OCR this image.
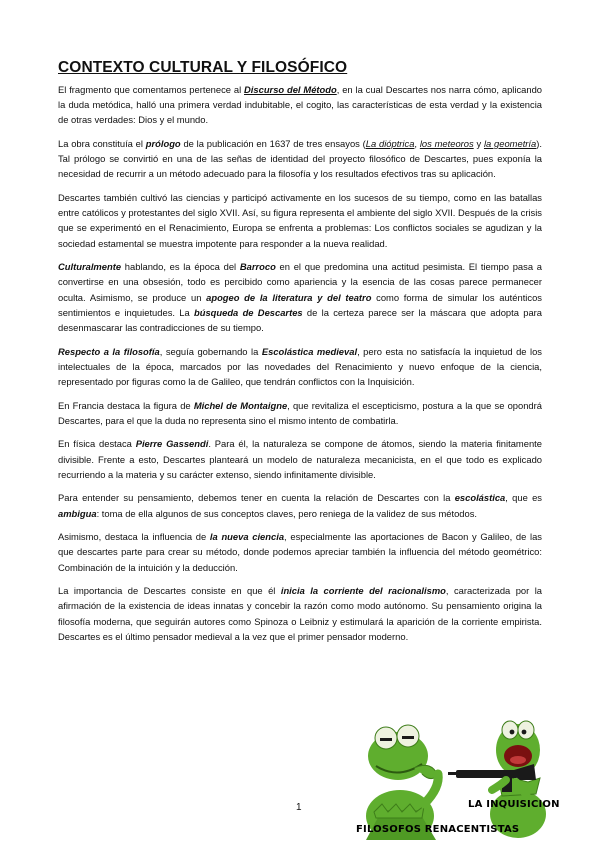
CONTEXTO CULTURAL Y FILOSÓFICO

El fragmento que comentamos pertenece al Discurso del Método, en la cual Descartes nos narra cómo, aplicando la duda metódica, halló una primera verdad indubitable, el cogito, las características de esta verdad y la existencia de otras verdades: Dios y el mundo.

La obra constituía el prólogo de la publicación en 1637 de tres ensayos (La dióptrica, los meteoros y la geometría). Tal prólogo se convirtió en una de las señas de identidad del proyecto filosófico de Descartes, pues exponía la necesidad de recurrir a un método adecuado para la filosofía y los resultados efectivos tras su aplicación.

Descartes también cultivó las ciencias y participó activamente en los sucesos de su tiempo, como en las batallas entre católicos y protestantes del siglo XVII. Así, su figura representa el ambiente del siglo XVII. Después de la crisis que se experimentó en el Renacimiento, Europa se enfrenta a problemas: Los conflictos sociales se agudizan y la sociedad estamental se muestra impotente para responder a la nueva realidad.

Culturalmente hablando, es la época del Barroco en el que predomina una actitud pesimista. El tiempo pasa a convertirse en una obsesión, todo es percibido como apariencia y la esencia de las cosas parece permanecer oculta. Asimismo, se produce un apogeo de la literatura y del teatro como forma de simular los auténticos sentimientos e inquietudes. La búsqueda de Descartes de la certeza parece ser la máscara que adopta para desenmascarar las contradicciones de su tiempo.

Respecto a la filosofía, seguía gobernando la Escolástica medieval, pero esta no satisfacía la inquietud de los intelectuales de la época, marcados por las novedades del Renacimiento y nuevo enfoque de la ciencia, representado por figuras como la de Galileo, que tendrán conflictos con la Inquisición.

En Francia destaca la figura de Michel de Montaigne, que revitaliza el escepticismo, postura a la que se opondrá Descartes, para el que la duda no representa sino el mismo intento de combatirla.

En física destaca Pierre Gassendi. Para él, la naturaleza se compone de átomos, siendo la materia finitamente divisible. Frente a esto, Descartes planteará un modelo de naturaleza mecanicista, en el que todo es explicado recurriendo a la materia y su carácter extenso, siendo infinitamente divisible.

Para entender su pensamiento, debemos tener en cuenta la relación de Descartes con la escolástica, que es ambigua: toma de ella algunos de sus conceptos claves, pero reniega de la validez de sus métodos.

Asimismo, destaca la influencia de la nueva ciencia, especialmente las aportaciones de Bacon y Galileo, de las que descartes parte para crear su método, donde podemos apreciar también la influencia del método geométrico: Combinación de la intuición y la deducción.

La importancia de Descartes consiste en que él inicia la corriente del racionalismo, caracterizada por la afirmación de la existencia de ideas innatas y concebir la razón como modo autónomo. Su pensamiento origina la filosofía moderna, que seguirán autores como Spinoza o Leibniz y estimulará la aparición de la corriente empirista. Descartes es el último pensador medieval a la vez que el primer pensador moderno.

1	LA INQUISICION
FILOSOFOS RENACENTISTAS
